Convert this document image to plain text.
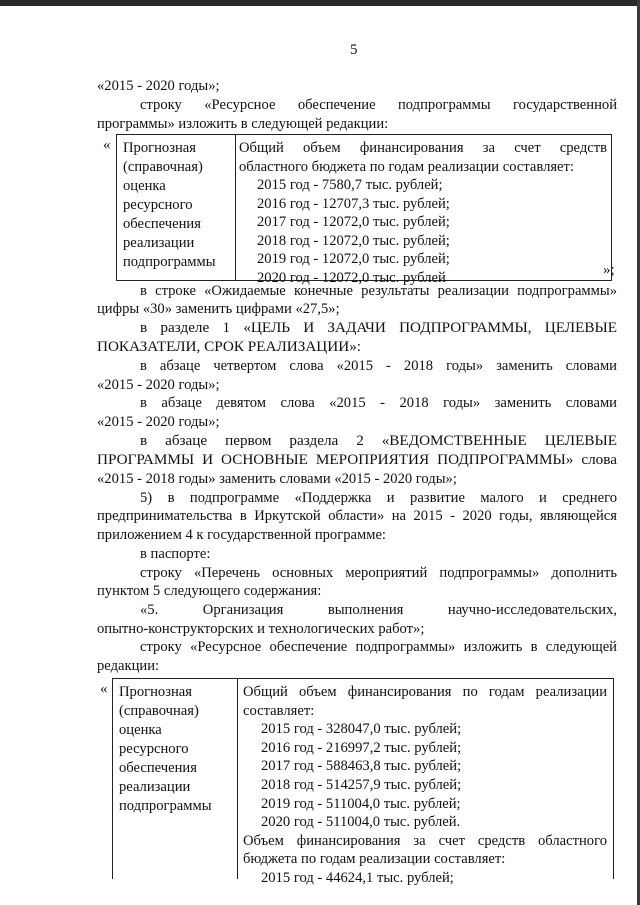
5
«2015 - 2020 годы»;
строку «Ресурсное обеспечение подпрограммы государственной
программы» изложить в следующей редакции:
« Прогнозная
(справочная)
оценка
ресурсного
обеспечения
реализации
подпрограммы
Общий объем финансирования за счет средств
областного бюджета по годам реализации составляет:
2015 год - 7580,7 тыс. рублей;
2016 год - 12707,3 тыс. рублей;
2017 год - 12072,0 тыс. рублей;
2018 год - 12072,0 тыс. рублей;
2019 год - 12072,0 тыс. рублей;
2020 год - 12072,0 тыс. рублей	»;
в строке «Ожидаемые конечные результаты реализации подпрограммы»
цифры «30» заменить цифрами «27,5»;
в разделе 1 «ЦЕЛЬ И ЗАДАЧИ ПОДПРОГРАММЫ, ЦЕЛЕВЫЕ
ПОКАЗАТЕЛИ, СРОК РЕАЛИЗАЦИИ»:
в абзаце четвертом слова «2015 - 2018 годы» заменить словами
«2015 - 2020 годы»;
в абзаце девятом слова «2015 - 2018 годы» заменить словами
«2015 - 2020 годы»;
в абзаце первом раздела 2 «ВЕДОМСТВЕННЫЕ ЦЕЛЕВЫЕ
ПРОГРАММЫ И ОСНОВНЫЕ МЕРОПРИЯТИЯ ПОДПРОГРАММЫ» слова
«2015 - 2018 годы» заменить словами «2015 - 2020 годы»;
5) в подпрограмме «Поддержка и развитие малого и среднего
предпринимательства в Иркутской области» на 2015 - 2020 годы, являющейся
приложением 4 к государственной программе:
в паспорте:
строку «Перечень основных мероприятий подпрограммы» дополнить
пунктом 5 следующего содержания:
«5. Организация выполнения научно-исследовательских,
опытно-конструкторских и технологических работ»;
строку «Ресурсное обеспечение подпрограммы» изложить в следующей
редакции:
« Прогнозная
(справочная)
оценка
ресурсного
обеспечения
реализации
подпрограммы
Общий объем финансирования по годам реализации
составляет:
2015 год - 328047,0 тыс. рублей;
2016 год - 216997,2 тыс. рублей;
2017 год - 588463,8 тыс. рублей;
2018 год - 514257,9 тыс. рублей;
2019 год - 511004,0 тыс. рублей;
2020 год - 511004,0 тыс. рублей.
Объем финансирования за счет средств областного
бюджета по годам реализации составляет:
2015 год - 44624,1 тыс. рублей;
